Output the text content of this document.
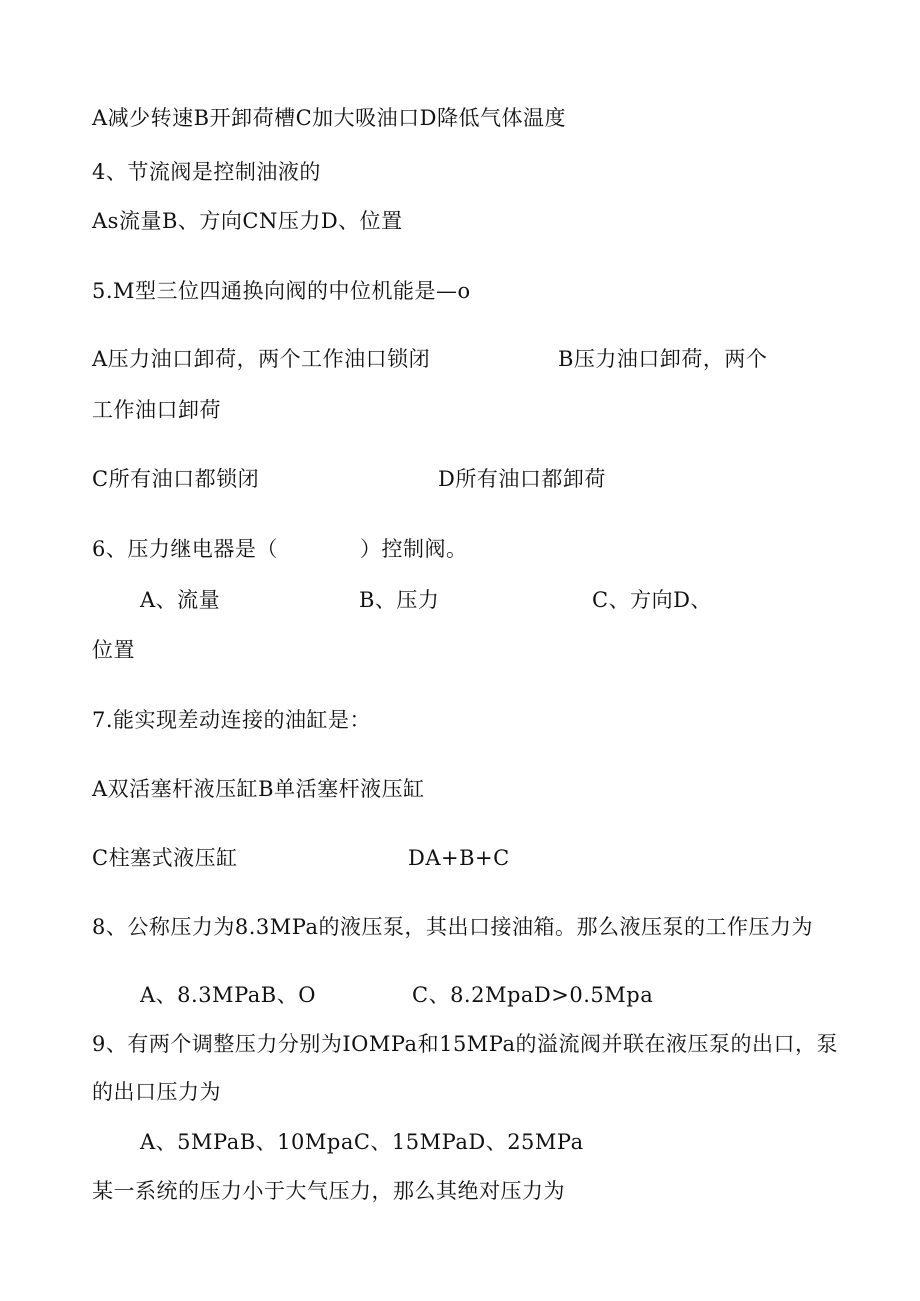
A减少转速B开卸荷槽C加大吸油口D降低气体温度
4、节流阀是控制油液的
As流量B、方向CN压力D、位置
5.M型三位四通换向阀的中位机能是—o
A压力油口卸荷，两个工作油口锁闭	B压力油口卸荷，两个
工作油口卸荷
C所有油口都锁闭	D所有油口都卸荷
6、压力继电器是（	）控制阀。
A、流量	B、压力	C、方向D、
位置
7.能实现差动连接的油缸是：
A双活塞杆液压缸B单活塞杆液压缸
C柱塞式液压缸	DA+B+C
8、公称压力为8.3MPa的液压泵，其出口接油箱。那么液压泵的工作压力为
A、8.3MPaB、O	C、8.2MpaD>0.5Mpa
9、有两个调整压力分别为IOMPa和15MPa的溢流阀并联在液压泵的出口，泵
的出口压力为
A、5MPaB、10MpaC、15MPaD、25MPa
某一系统的压力小于大气压力，那么其绝对压力为
